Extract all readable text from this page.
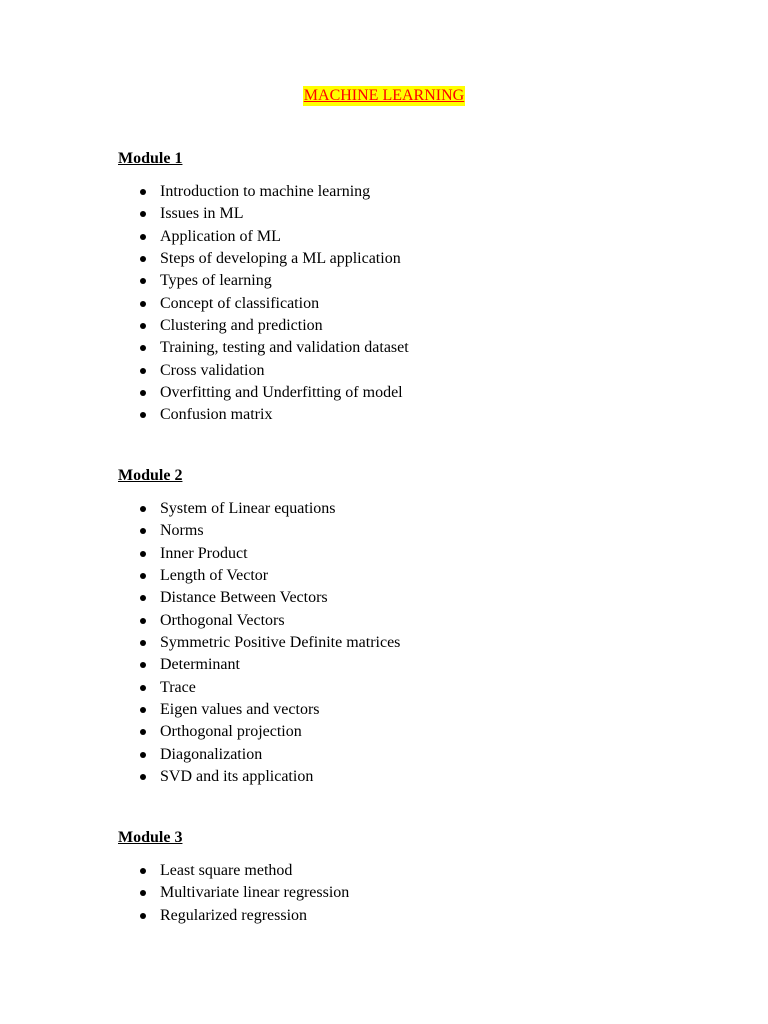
MACHINE LEARNING

Module 1

Introduction to machine learning
Issues in ML
Application of ML
Steps of developing a ML application
Types of learning
Concept of classification
Clustering and prediction
Training, testing and validation dataset
Cross validation
Overfitting and Underfitting of model
Confusion matrix

Module 2

System of Linear equations
Norms
Inner Product
Length of Vector
Distance Between Vectors
Orthogonal Vectors
Symmetric Positive Definite matrices
Determinant
Trace
Eigen values and vectors
Orthogonal projection
Diagonalization
SVD and its application

Module 3

Least square method
Multivariate linear regression
Regularized regression
